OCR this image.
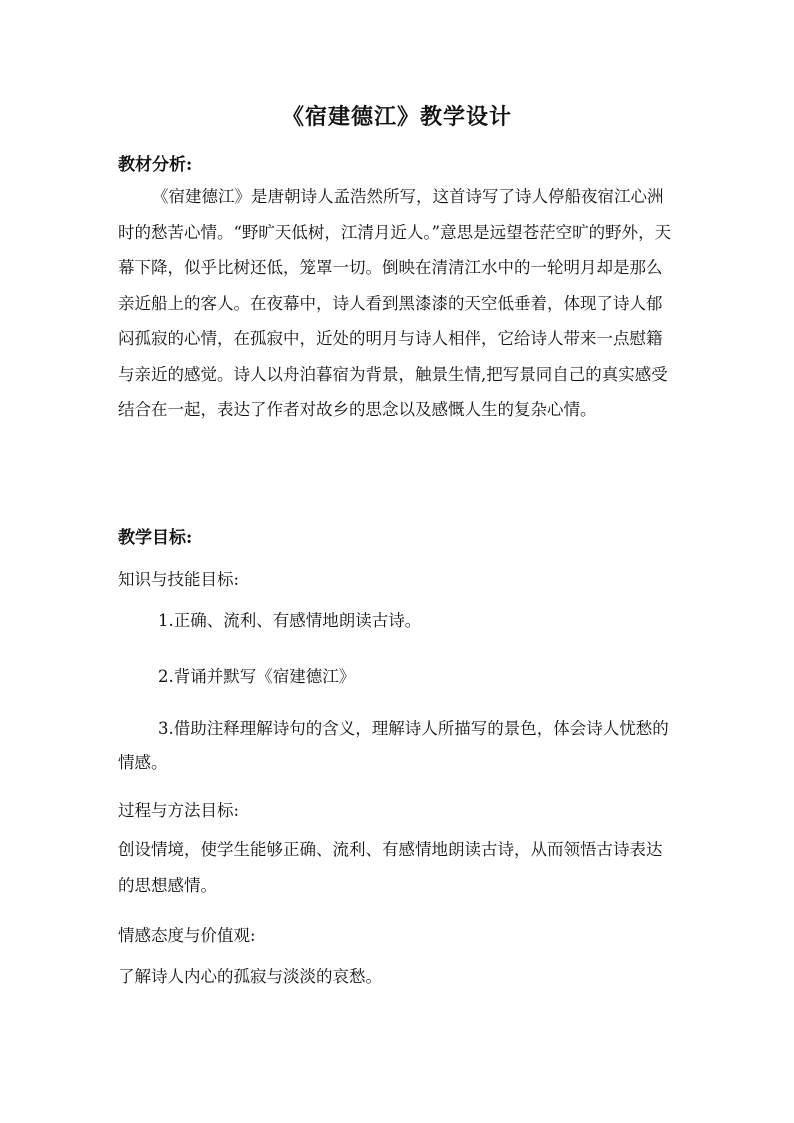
《宿建德江》教学设计
教材分析:

《宿建德江》是唐朝诗人孟浩然所写，这首诗写了诗人停船夜宿江心洲时的愁苦心情。“野旷天低树，江清月近人。”意思是远望苍茫空旷的野外，天幕下降，似乎比树还低，笼罩一切。倒映在清清江水中的一轮明月却是那么亲近船上的客人。在夜幕中，诗人看到黑漆漆的天空低垂着，体现了诗人郁闷孤寂的心情，在孤寂中，近处的明月与诗人相伴，它给诗人带来一点慰籍与亲近的感觉。诗人以舟泊暮宿为背景，触景生情,把写景同自己的真实感受结合在一起，表达了作者对故乡的思念以及感慨人生的复杂心情。

教学目标:
知识与技能目标:
1.正确、流利、有感情地朗读古诗。
2.背诵并默写《宿建德江》

3.借助注释理解诗句的含义，理解诗人所描写的景色，体会诗人忧愁的情感。

过程与方法目标:

创设情境，使学生能够正确、流利、有感情地朗读古诗，从而领悟古诗表达的思想感情。

情感态度与价值观:
了解诗人内心的孤寂与淡淡的哀愁。
